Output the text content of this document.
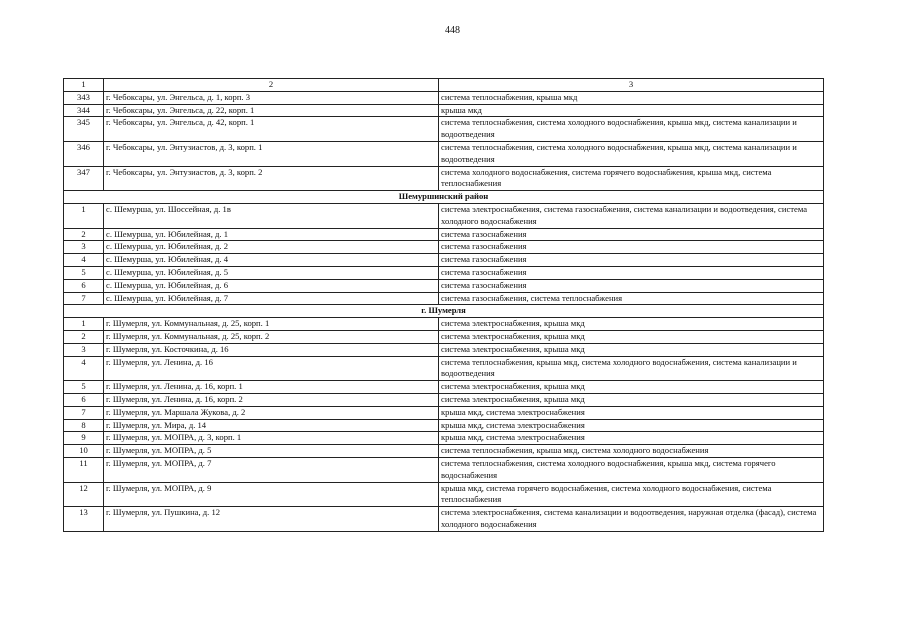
448
1	2	3
343	г. Чебоксары, ул. Энгельса, д. 1, корп. 3	система теплоснабжения, крыша мкд
344	г. Чебоксары, ул. Энгельса, д. 22, корп. 1	крыша мкд
345	г. Чебоксары, ул. Энгельса, д. 42, корп. 1	система теплоснабжения, система холодного водоснабжения, крыша мкд, система канализации и водоотведения
346	г. Чебоксары, ул. Энтузиастов, д. 3, корп. 1	система теплоснабжения, система холодного водоснабжения, крыша мкд, система канализации и водоотведения
347	г. Чебоксары, ул. Энтузиастов, д. 3, корп. 2	система холодного водоснабжения, система горячего водоснабжения, крыша мкд, система теплоснабжения
Шемуршинский район		
1	с. Шемурша, ул. Шоссейная, д. 1в	система электроснабжения, система газоснабжения, система канализации и водоотведения, система холодного водоснабжения
2	с. Шемурша, ул. Юбилейная, д. 1	система газоснабжения
3	с. Шемурша, ул. Юбилейная, д. 2	система газоснабжения
4	с. Шемурша, ул. Юбилейная, д. 4	система газоснабжения
5	с. Шемурша, ул. Юбилейная, д. 5	система газоснабжения
6	с. Шемурша, ул. Юбилейная, д. 6	система газоснабжения
7	с. Шемурша, ул. Юбилейная, д. 7	система газоснабжения, система теплоснабжения
г. Шумерля		
1	г. Шумерля, ул. Коммунальная, д. 25, корп. 1	система электроснабжения, крыша мкд
2	г. Шумерля, ул. Коммунальная, д. 25, корп. 2	система электроснабжения, крыша мкд
3	г. Шумерля, ул. Косточкина, д. 16	система электроснабжения, крыша мкд
4	г. Шумерля, ул. Ленина, д. 16	система теплоснабжения, крыша мкд, система холодного водоснабжения, система канализации и водоотведения
5	г. Шумерля, ул. Ленина, д. 16, корп. 1	система электроснабжения, крыша мкд
6	г. Шумерля, ул. Ленина, д. 16, корп. 2	система электроснабжения, крыша мкд
7	г. Шумерля, ул. Маршала Жукова, д. 2	крыша мкд, система электроснабжения
8	г. Шумерля, ул. Мира, д. 14	крыша мкд, система электроснабжения
9	г. Шумерля, ул. МОПРА, д. 3, корп. 1	крыша мкд, система электроснабжения
10	г. Шумерля, ул. МОПРА, д. 5	система теплоснабжения, крыша мкд, система холодного водоснабжения
11	г. Шумерля, ул. МОПРА, д. 7	система теплоснабжения, система холодного водоснабжения, крыша мкд, система горячего водоснабжения
12	г. Шумерля, ул. МОПРА, д. 9	крыша мкд, система горячего водоснабжения, система холодного водоснабжения, система теплоснабжения
13	г. Шумерля, ул. Пушкина, д. 12	система электроснабжения, система канализации и водоотведения, наружная отделка (фасад), система холодного водоснабжения
